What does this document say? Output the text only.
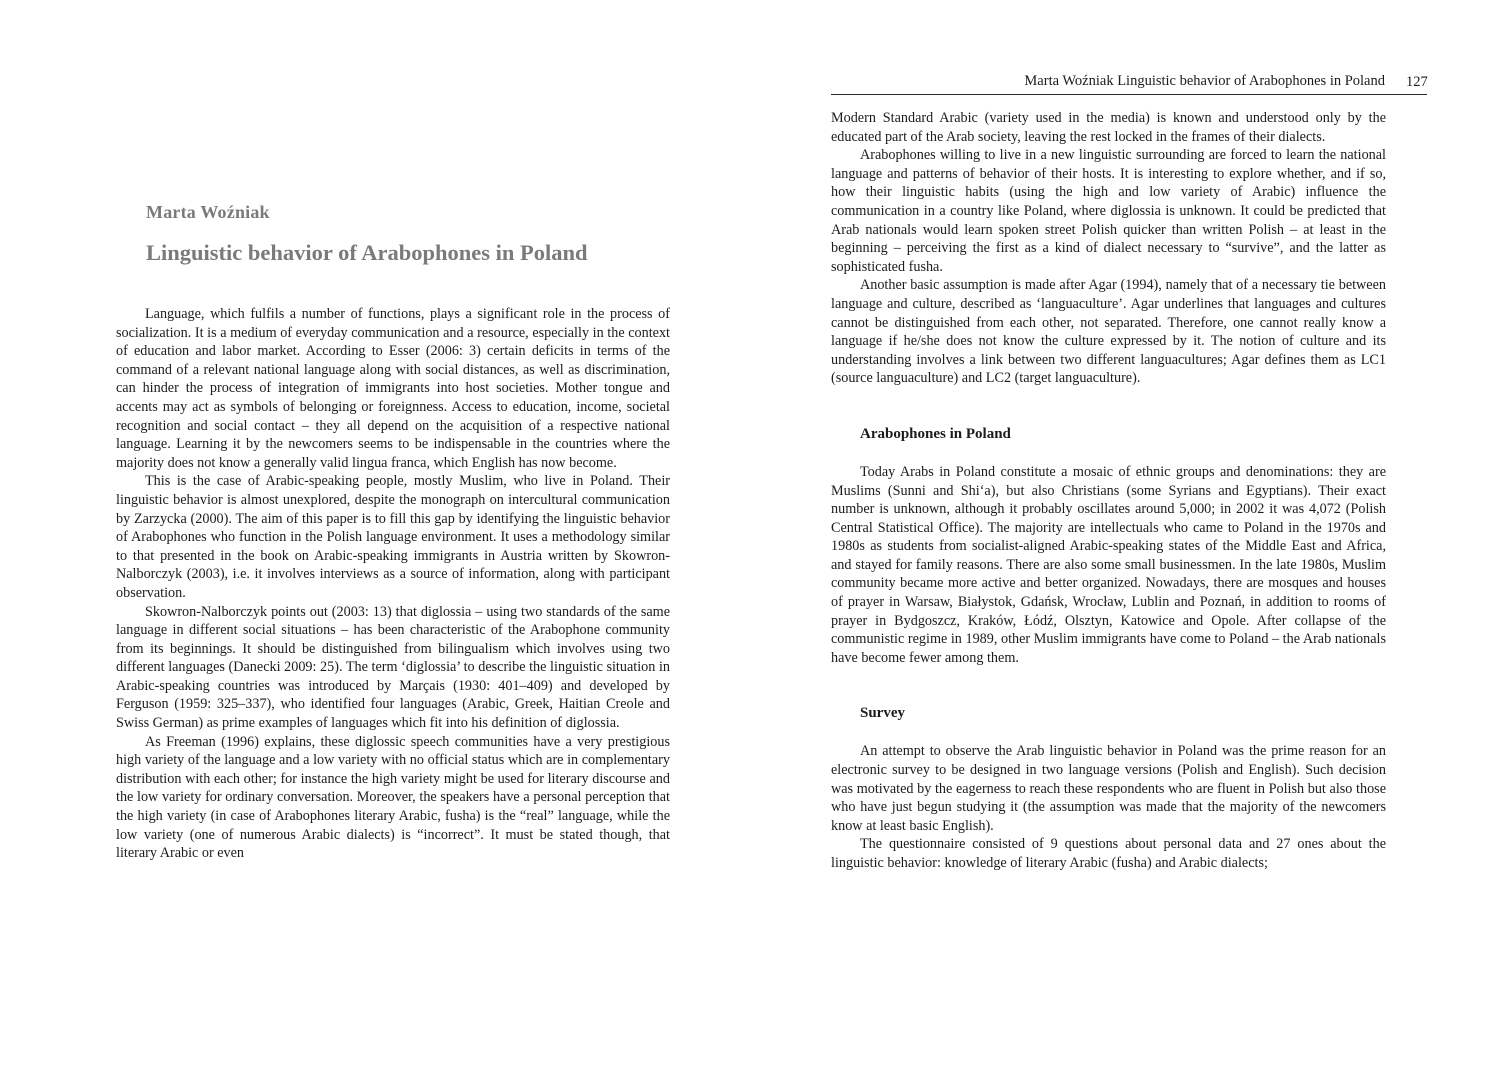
Marta Woźniak
Linguistic behavior of Arabophones in Poland

Language, which fulfils a number of functions, plays a significant role in the process of socialization. It is a medium of everyday communication and a resource, especially in the context of education and labor market. According to Esser (2006: 3) certain deficits in terms of the command of a relevant national language along with social distances, as well as discrimination, can hinder the process of integration of immigrants into host societies. Mother tongue and accents may act as symbols of belonging or foreignness. Access to education, income, societal recognition and social contact – they all depend on the acquisition of a respective national language. Learning it by the newcomers seems to be indispensable in the countries where the majority does not know a generally valid lingua franca, which English has now become.

This is the case of Arabic-speaking people, mostly Muslim, who live in Poland. Their linguistic behavior is almost unexplored, despite the monograph on intercultural communication by Zarzycka (2000). The aim of this paper is to fill this gap by identifying the linguistic behavior of Arabophones who function in the Polish language environment. It uses a methodology similar to that presented in the book on Arabic-speaking immigrants in Austria written by Skowron-Nalborczyk (2003), i.e. it involves interviews as a source of information, along with participant observation.

Skowron-Nalborczyk points out (2003: 13) that diglossia – using two standards of the same language in different social situations – has been characteristic of the Arabophone community from its beginnings. It should be distinguished from bilingualism which involves using two different languages (Danecki 2009: 25). The term ‘diglossia’ to describe the linguistic situation in Arabic-speaking countries was introduced by Marçais (1930: 401–409) and developed by Ferguson (1959: 325–337), who identified four languages (Arabic, Greek, Haitian Creole and Swiss German) as prime examples of languages which fit into his definition of diglossia.

As Freeman (1996) explains, these diglossic speech communities have a very prestigious high variety of the language and a low variety with no official status which are in complementary distribution with each other; for instance the high variety might be used for literary discourse and the low variety for ordinary conversation. Moreover, the speakers have a personal perception that the high variety (in case of Arabophones literary Arabic, fusha) is the “real” language, while the low variety (one of numerous Arabic dialects) is “incorrect”. It must be stated though, that literary Arabic or even

Marta Woźniak Linguistic behavior of Arabophones in Poland 127

Modern Standard Arabic (variety used in the media) is known and understood only by the educated part of the Arab society, leaving the rest locked in the frames of their dialects.

Arabophones willing to live in a new linguistic surrounding are forced to learn the national language and patterns of behavior of their hosts. It is interesting to explore whether, and if so, how their linguistic habits (using the high and low variety of Arabic) influence the communication in a country like Poland, where diglossia is unknown. It could be predicted that Arab nationals would learn spoken street Polish quicker than written Polish – at least in the beginning – perceiving the first as a kind of dialect necessary to “survive”, and the latter as sophisticated fusha.

Another basic assumption is made after Agar (1994), namely that of a necessary tie between language and culture, described as ‘languaculture’. Agar underlines that languages and cultures cannot be distinguished from each other, not separated. Therefore, one cannot really know a language if he/she does not know the culture expressed by it. The notion of culture and its understanding involves a link between two different languacultures; Agar defines them as LC1 (source languaculture) and LC2 (target languaculture).

Arabophones in Poland

Today Arabs in Poland constitute a mosaic of ethnic groups and denominations: they are Muslims (Sunni and Shi‘a), but also Christians (some Syrians and Egyptians). Their exact number is unknown, although it probably oscillates around 5,000; in 2002 it was 4,072 (Polish Central Statistical Office). The majority are intellectuals who came to Poland in the 1970s and 1980s as students from socialist-aligned Arabic-speaking states of the Middle East and Africa, and stayed for family reasons. There are also some small businessmen. In the late 1980s, Muslim community became more active and better organized. Nowadays, there are mosques and houses of prayer in Warsaw, Białystok, Gdańsk, Wrocław, Lublin and Poznań, in addition to rooms of prayer in Bydgoszcz, Kraków, Łódź, Olsztyn, Katowice and Opole. After collapse of the communistic regime in 1989, other Muslim immigrants have come to Poland – the Arab nationals have become fewer among them.

Survey

An attempt to observe the Arab linguistic behavior in Poland was the prime reason for an electronic survey to be designed in two language versions (Polish and English). Such decision was motivated by the eagerness to reach these respondents who are fluent in Polish but also those who have just begun studying it (the assumption was made that the majority of the newcomers know at least basic English).

The questionnaire consisted of 9 questions about personal data and 27 ones about the linguistic behavior: knowledge of literary Arabic (fusha) and Arabic dialects;
